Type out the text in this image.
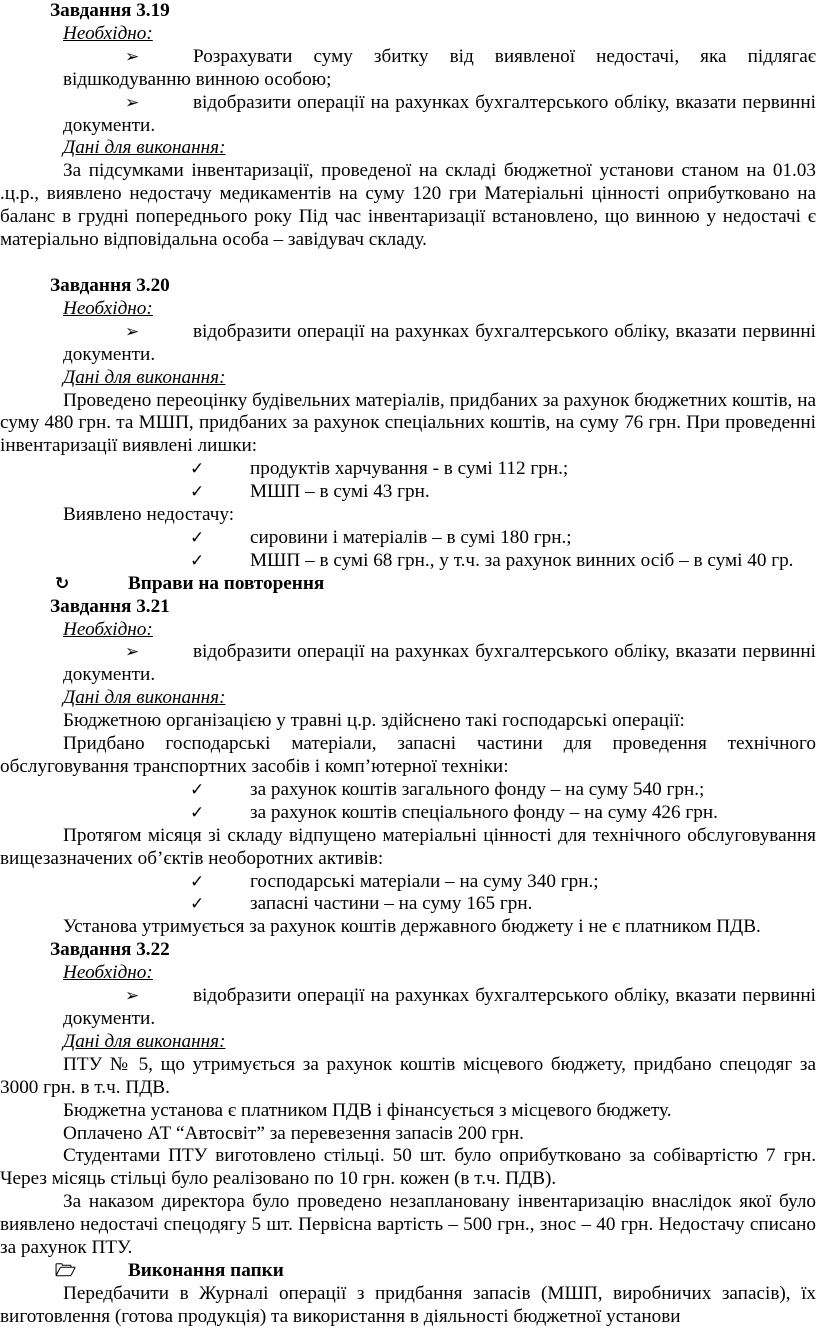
Завдання 3.19
Необхідно:
➢	Розрахувати суму збитку від виявленої недостачі, яка підлягає відшкодуванню винною особою;
➢	відобразити операції на рахунках бухгалтерського обліку, вказати первинні документи.
Дані для виконання:
За підсумками інвентаризації, проведеної на складі бюджетної установи станом на 01.03 .ц.р., виявлено недостачу медикаментів на суму 120 гри Матеріальні цінності оприбутковано на баланс в грудні попереднього року Під час інвентаризації встановлено, що винною у недостачі є матеріально відповідальна особа – завідувач складу.
Завдання 3.20
Необхідно:
➢	відобразити операції на рахунках бухгалтерського обліку, вказати первинні документи.
Дані для виконання:
Проведено переоцінку будівельних матеріалів, придбаних за рахунок бюджетних коштів, на суму 480 грн. та МШП, придбаних за рахунок спеціальних коштів, на суму 76 грн. При проведенні інвентаризації виявлені лишки:
✓	продуктів харчування - в сумі 112 грн.;
✓	МШП – в сумі 43 грн.
Виявлено недостачу:
✓	сировини і матеріалів – в сумі 180 грн.;
✓	МШП – в сумі 68 грн., у т.ч. за рахунок винних осіб – в сумі 40 гр.
↻	Вправи на повторення
Завдання 3.21
Необхідно:
➢	відобразити операції на рахунках бухгалтерського обліку, вказати первинні документи.
Дані для виконання:
Бюджетною організацією у травні ц.р. здійснено такі господарські операції:
Придбано господарські матеріали, запасні частини для проведення технічного обслуговування транспортних засобів і комп’ютерної техніки:
✓	за рахунок коштів загального фонду – на суму 540 грн.;
✓	за рахунок коштів спеціального фонду – на суму 426 грн.
Протягом місяця зі складу відпущено матеріальні цінності для технічного обслуговування вищезазначених об’єктів необоротних активів:
✓	господарські матеріали – на суму 340 грн.;
✓	запасні частини – на суму 165 грн.
Установа утримується за рахунок коштів державного бюджету і не є платником ПДВ.
Завдання 3.22
Необхідно:
➢	відобразити операції на рахунках бухгалтерського обліку, вказати первинні документи.
Дані для виконання:
ПТУ № 5, що утримується за рахунок коштів місцевого бюджету, придбано спецодяг за 3000 грн. в т.ч. ПДВ.
Бюджетна установа є платником ПДВ і фінансується з місцевого бюджету.
Оплачено АТ “Автосвіт” за перевезення запасів 200 грн.
Студентами ПТУ виготовлено стільці. 50 шт. було оприбутковано за собівартістю 7 грн. Через місяць стільці було реалізовано по 10 грн. кожен (в т.ч. ПДВ).
За наказом директора було проведено незаплановану інвентаризацію внаслідок якої було виявлено недостачі спецодягу 5 шт. Первісна вартість – 500 грн., знос – 40 грн. Недостачу списано за рахунок ПТУ.
🗁	Виконання папки
Передбачити в Журналі операції з придбання запасів (МШП, виробничих запасів), їх виготовлення (готова продукція) та використання в діяльності бюджетної установи
